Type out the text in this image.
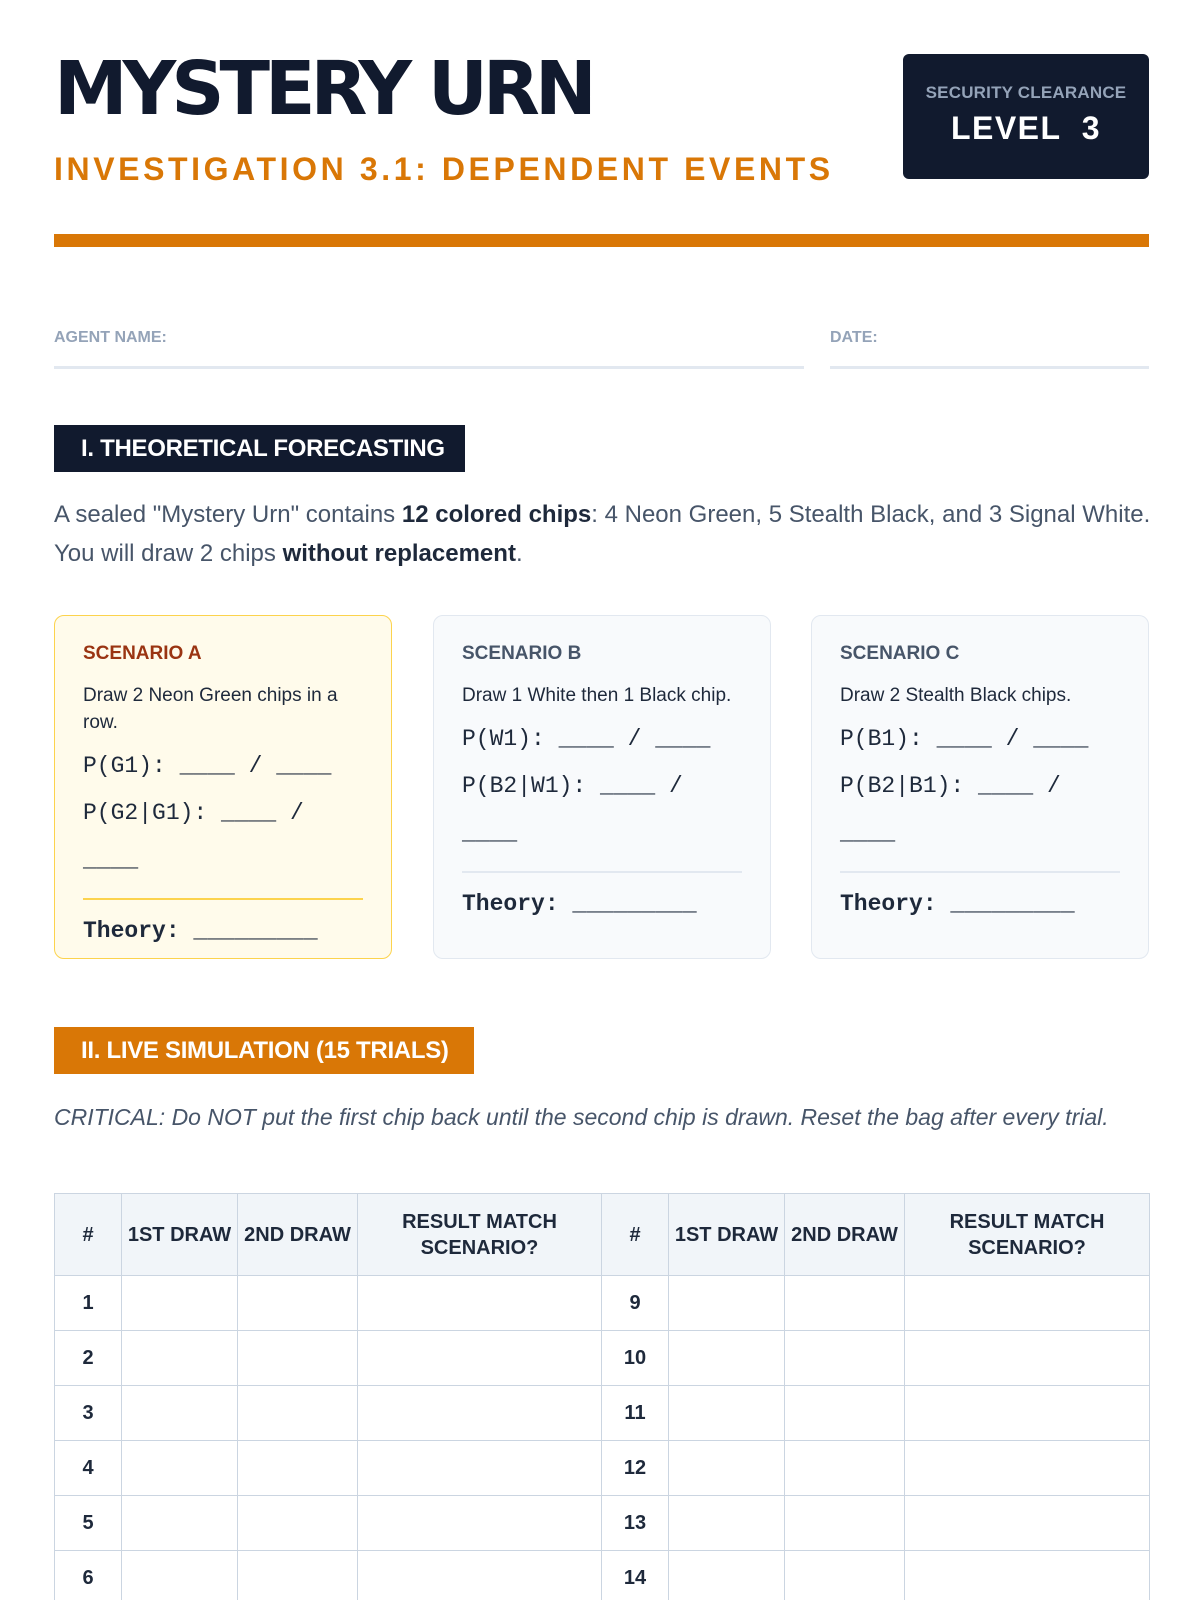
MYSTERY URN
INVESTIGATION 3.1: DEPENDENT EVENTS
SECURITY CLEARANCE
LEVEL  3
AGENT NAME:	DATE:
I. THEORETICAL FORECASTING

A sealed "Mystery Urn" contains 12 colored chips: 4 Neon Green, 5 Stealth Black, and 3 Signal White. You will draw 2 chips without replacement.

SCENARIO A
Draw 2 Neon Green chips in a row.
P(G1): ____ / ____
P(G2|G1): ____ / ____
Theory: _________
SCENARIO B
Draw 1 White then 1 Black chip.
P(W1): ____ / ____
P(B2|W1): ____ / ____
Theory: _________
SCENARIO C
Draw 2 Stealth Black chips.
P(B1): ____ / ____
P(B2|B1): ____ / ____
Theory: _________
II. LIVE SIMULATION (15 TRIALS)

CRITICAL: Do NOT put the first chip back until the second chip is drawn. Reset the bag after every trial.

#	1ST DRAW	2ND DRAW	RESULT MATCH SCENARIO?	#	1ST DRAW	2ND DRAW	RESULT MATCH SCENARIO?
1				9			
2				10			
3				11			
4				12			
5				13			
6				14			
